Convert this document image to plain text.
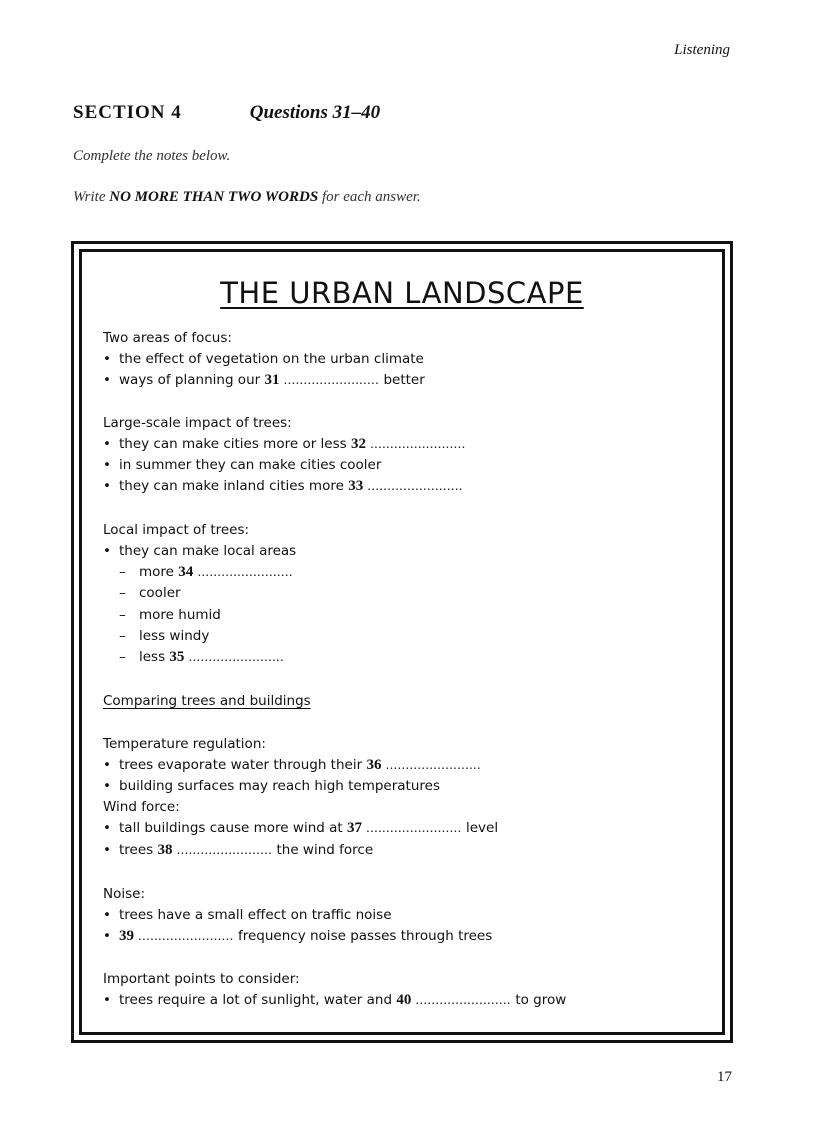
Listening
SECTION 4	Questions 31–40
Complete the notes below.
Write NO MORE THAN TWO WORDS for each answer.
THE URBAN LANDSCAPE
Two areas of focus:
• the effect of vegetation on the urban climate
• ways of planning our 31 ........................ better
Large-scale impact of trees:
• they can make cities more or less 32 ........................
• in summer they can make cities cooler
• they can make inland cities more 33 ........................
Local impact of trees:
• they can make local areas
– more 34 ........................
– cooler
– more humid
– less windy
– less 35 ........................
Comparing trees and buildings
Temperature regulation:
• trees evaporate water through their 36 ........................
• building surfaces may reach high temperatures
Wind force:
• tall buildings cause more wind at 37 ........................ level
• trees 38 ........................ the wind force
Noise:
• trees have a small effect on traffic noise
• 39 ........................ frequency noise passes through trees
Important points to consider:
• trees require a lot of sunlight, water and 40 ........................ to grow
17
